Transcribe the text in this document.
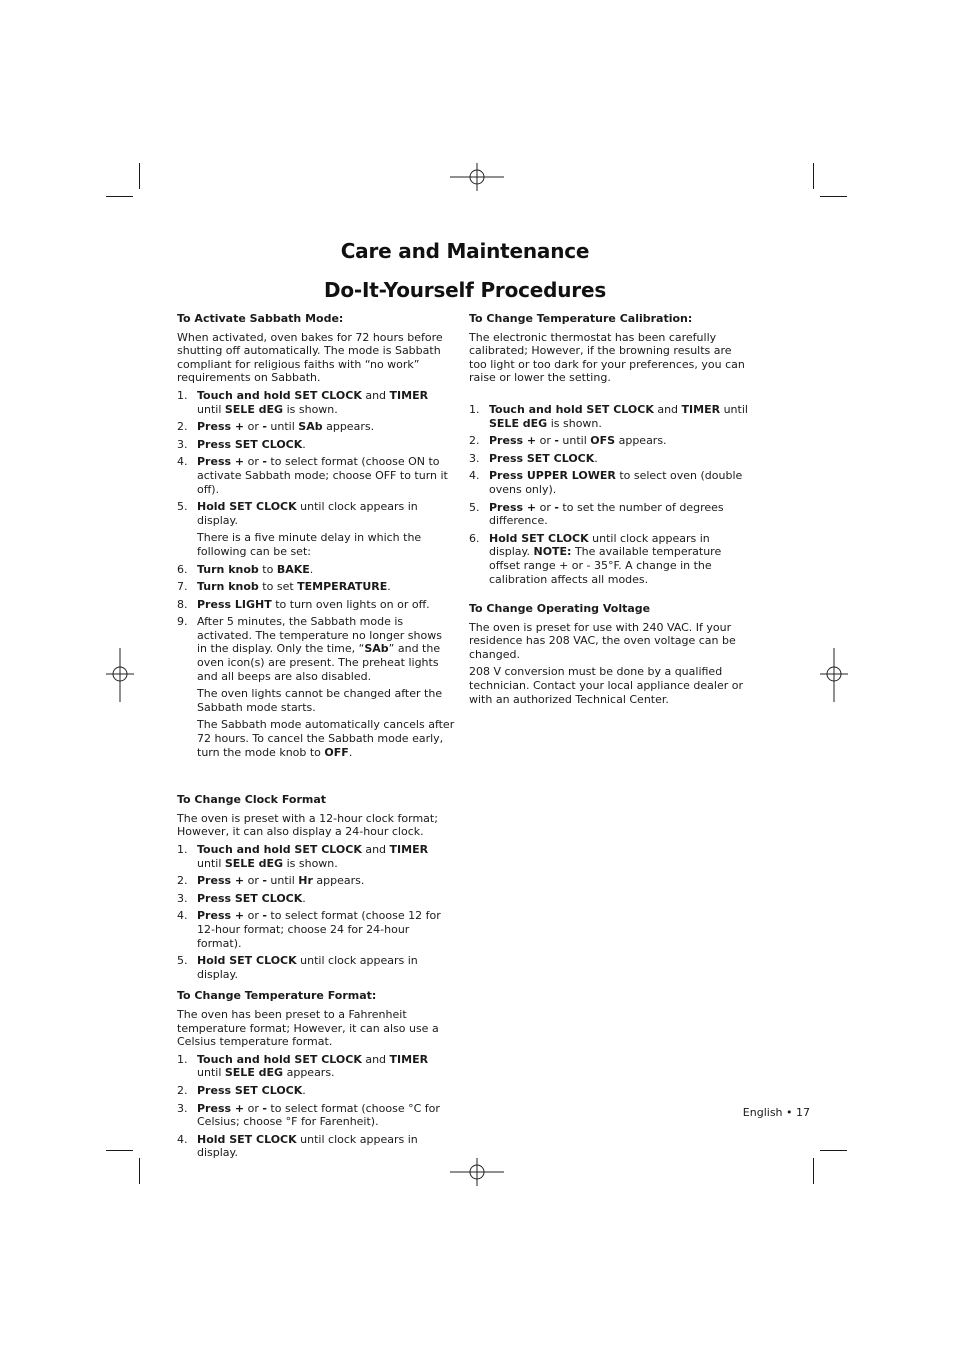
Care and Maintenance
Do-It-Yourself Procedures
To Activate Sabbath Mode:

When activated, oven bakes for 72 hours before shutting off automatically. The mode is Sabbath compliant for religious faiths with “no work” requirements on Sabbath.

1. Touch and hold SET CLOCK and TIMER until SELE dEG is shown.
2. Press + or - until SAb appears.
3. Press SET CLOCK.
4. Press + or - to select format (choose ON to activate Sabbath mode; choose OFF to turn it off).
5. Hold SET CLOCK until clock appears in display.
There is a five minute delay in which the following can be set:
6. Turn knob to BAKE.
7. Turn knob to set TEMPERATURE.
8. Press LIGHT to turn oven lights on or off.
9. After 5 minutes, the Sabbath mode is activated. The temperature no longer shows in the display. Only the time, “SAb” and the oven icon(s) are present. The preheat lights and all beeps are also disabled.
The oven lights cannot be changed after the Sabbath mode starts.
The Sabbath mode automatically cancels after 72 hours. To cancel the Sabbath mode early, turn the mode knob to OFF.
To Change Clock Format

The oven is preset with a 12-hour clock format; However, it can also display a 24-hour clock.

1. Touch and hold SET CLOCK and TIMER until SELE dEG is shown.
2. Press + or - until Hr appears.
3. Press SET CLOCK.
4. Press + or - to select format (choose 12 for 12-hour format; choose 24 for 24-hour format).
5. Hold SET CLOCK until clock appears in display.
To Change Temperature Format:

The oven has been preset to a Fahrenheit temperature format; However, it can also use a Celsius temperature format.

1. Touch and hold SET CLOCK and TIMER until SELE dEG appears.
2. Press SET CLOCK.
3. Press + or - to select format (choose °C for Celsius; choose °F for Farenheit).
4. Hold SET CLOCK until clock appears in display.
To Change Temperature Calibration:

The electronic thermostat has been carefully calibrated; However, if the browning results are too light or too dark for your preferences, you can raise or lower the setting.

1. Touch and hold SET CLOCK and TIMER until SELE dEG is shown.
2. Press + or - until OFS appears.
3. Press SET CLOCK.
4. Press UPPER LOWER to select oven (double ovens only).
5. Press + or - to set the number of degrees difference.
6. Hold SET CLOCK until clock appears in display. NOTE: The available temperature offset range + or - 35°F. A change in the calibration affects all modes.
To Change Operating Voltage

The oven is preset for use with 240 VAC. If your residence has 208 VAC, the oven voltage can be changed.

208 V conversion must be done by a qualified technician. Contact your local appliance dealer or with an authorized Technical Center.

English • 17
